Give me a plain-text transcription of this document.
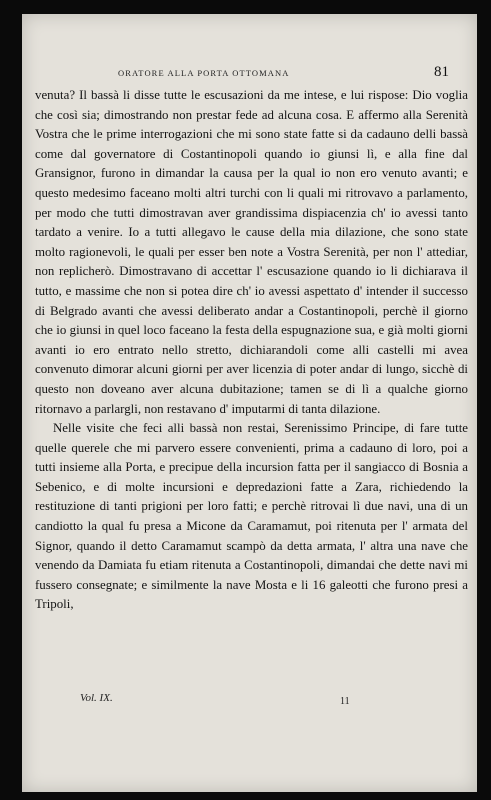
ORATORE ALLA PORTA OTTOMANA	81

venuta? Il bassà li disse tutte le escusazioni da me intese, e lui rispose: Dio voglia che così sia; dimostrando non prestar fede ad alcuna cosa. E affermo alla Serenità Vostra che le prime interrogazioni che mi sono state fatte si da cadauno delli bassà come dal governatore di Costantinopoli quando io giunsi lì, e alla fine dal Gransignor, furono in dimandar la causa per la qual io non ero venuto avanti; e questo medesimo faceano molti altri turchi con li quali mi ritrovavo a parlamento, per modo che tutti dimostravan aver grandissima dispiacenzia ch' io avessi tanto tardato a venire. Io a tutti allegavo le cause della mia dilazione, che sono state molto ragionevoli, le quali per esser ben note a Vostra Serenità, per non l' attediar, non replicherò. Dimostravano di accettar l' escusazione quando io li dichiarava il tutto, e massime che non si potea dire ch' io avessi aspettato d' intender il successo di Belgrado avanti che avessi deliberato andar a Costantinopoli, perchè il giorno che io giunsi in quel loco faceano la festa della espugnazione sua, e già molti giorni avanti io ero entrato nello stretto, dichiarandoli come alli castelli mi avea convenuto dimorar alcuni giorni per aver licenzia di poter andar di lungo, sicchè di questo non doveano aver alcuna dubitazione; tamen se di lì a qualche giorno ritornavo a parlargli, non restavano d' imputarmi di tanta dilazione.

Nelle visite che feci alli bassà non restai, Serenissimo Principe, di fare tutte quelle querele che mi parvero essere convenienti, prima a cadauno di loro, poi a tutti insieme alla Porta, e precipue della incursion fatta per il sangiacco di Bosnia a Sebenico, e di molte incursioni e depredazioni fatte a Zara, richiedendo la restituzione di tanti prigioni per loro fatti; e perchè ritrovai lì due navi, una di un candiotto la qual fu presa a Micone da Caramamut, poi ritenuta per l' armata del Signor, quando il detto Caramamut scampò da detta armata, l' altra una nave che venendo da Damiata fu etiam ritenuta a Costantinopoli, dimandai che dette navi mi fussero consegnate; e similmente la nave Mosta e li 16 galeotti che furono presi a Tripoli,

Vol. IX.	11
